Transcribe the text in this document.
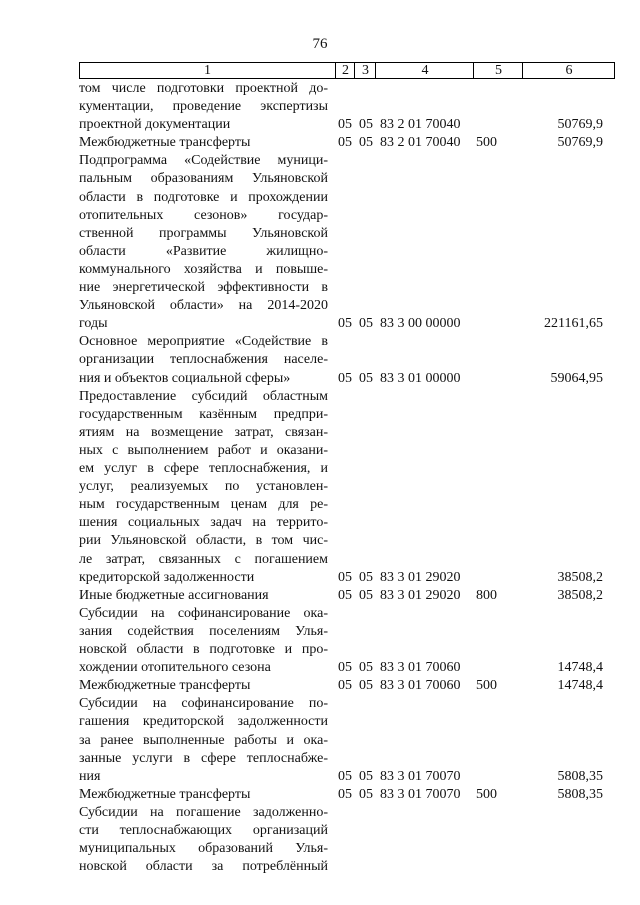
76
1	2 3	4	5	6
том числе подготовки проектной до-
кументации, проведение экспертизы
проектной документации	05 05 83 2 01 70040	50769,9
Межбюджетные трансферты	05 05 83 2 01 70040 500	50769,9
Подпрограмма «Содействие муници-
пальным образованиям Ульяновской
области в подготовке и прохождении
отопительных сезонов» государ-
ственной программы Ульяновской
области «Развитие жилищно-
коммунального хозяйства и повыше-
ние энергетической эффективности в
Ульяновской области» на 2014-2020
годы	05 05 83 3 00 00000	221161,65
Основное мероприятие «Содействие в
организации теплоснабжения населе-
ния и объектов социальной сферы»	05 05 83 3 01 00000	59064,95
Предоставление субсидий областным
государственным казённым предпри-
ятиям на возмещение затрат, связан-
ных с выполнением работ и оказани-
ем услуг в сфере теплоснабжения, и
услуг, реализуемых по установлен-
ным государственным ценам для ре-
шения социальных задач на террито-
рии Ульяновской области, в том чис-
ле затрат, связанных с погашением
кредиторской задолженности	05 05 83 3 01 29020	38508,2
Иные бюджетные ассигнования	05 05 83 3 01 29020 800	38508,2
Субсидии на софинансирование ока-
зания содействия поселениям Улья-
новской области в подготовке и про-
хождении отопительного сезона	05 05 83 3 01 70060	14748,4
Межбюджетные трансферты	05 05 83 3 01 70060 500	14748,4
Субсидии на софинансирование по-
гашения кредиторской задолженности
за ранее выполненные работы и ока-
занные услуги в сфере теплоснабже-
ния	05 05 83 3 01 70070	5808,35
Межбюджетные трансферты	05 05 83 3 01 70070 500	5808,35
Субсидии на погашение задолженно-
сти теплоснабжающих организаций
муниципальных образований Улья-
новской области за потреблённый
